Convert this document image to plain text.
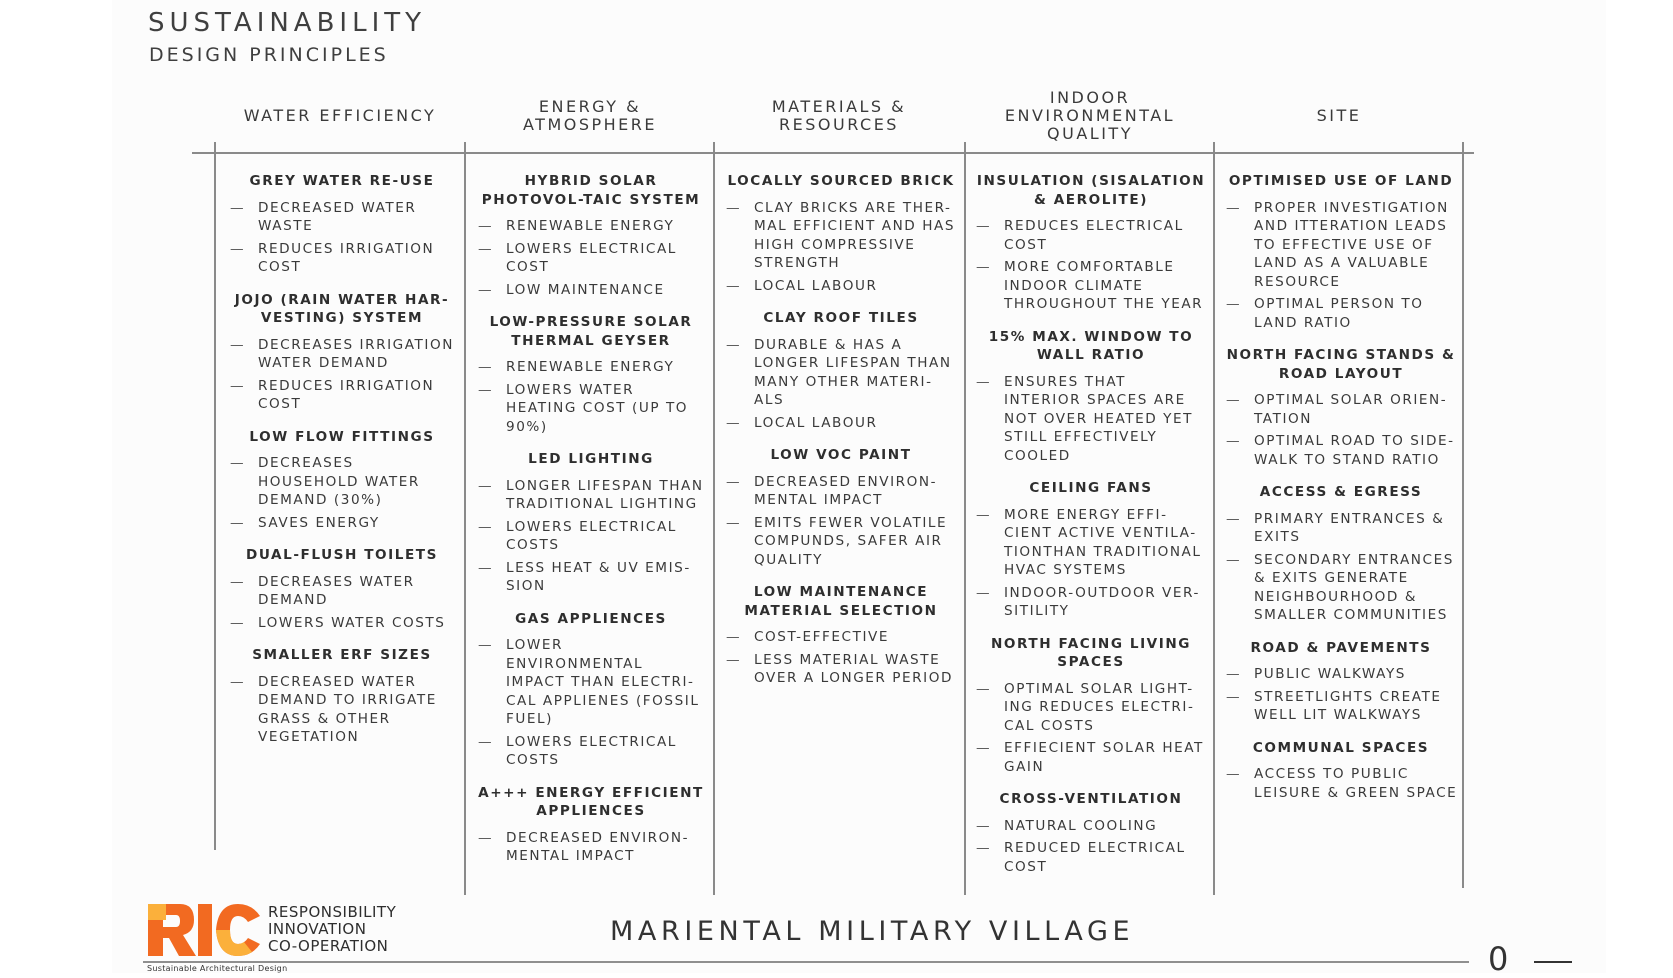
SUSTAINABILITY
DESIGN PRINCIPLES
WATER EFFICIENCY	ENERGY & ATMOSPHERE
MATERIALS & RESOURCES
INDOOR ENVIRONMENTAL QUALITY
SITE
GREY WATER RE-USE
— DECREASED WATER WASTE
— REDUCES IRRIGATION COST
JOJO (RAIN WATER HAR-VESTING) SYSTEM
— DECREASES IRRIGATION WATER DEMAND
— REDUCES IRRIGATION COST
LOW FLOW FITTINGS
— DECREASES HOUSEHOLD WATER DEMAND (30%)
— SAVES ENERGY
DUAL-FLUSH TOILETS
— DECREASES WATER DEMAND
— LOWERS WATER COSTS
SMALLER ERF SIZES
— DECREASED WATER DEMAND TO IRRIGATE GRASS & OTHER VEGETATION
HYBRID SOLAR PHOTOVOL-TAIC SYSTEM
— RENEWABLE ENERGY
— LOWERS ELECTRICAL COST
— LOW MAINTENANCE
LOW-PRESSURE SOLAR THERMAL GEYSER
— RENEWABLE ENERGY
— LOWERS WATER HEATING COST (UP TO 90%)
LED LIGHTING
— LONGER LIFESPAN THAN TRADITIONAL LIGHTING
— LOWERS ELECTRICAL COSTS
— LESS HEAT & UV EMIS-SION
GAS APPLIENCES
— LOWER ENVIRONMENTAL IMPACT THAN ELECTRI-CAL APPLIENES (FOSSIL FUEL)
— LOWERS ELECTRICAL COSTS
A+++ ENERGY EFFICIENT APPLIENCES
— DECREASED ENVIRON-MENTAL IMPACT
LOCALLY SOURCED BRICK
— CLAY BRICKS ARE THER-MAL EFFICIENT AND HAS HIGH COMPRESSIVE STRENGTH
— LOCAL LABOUR
CLAY ROOF TILES
— DURABLE & HAS A LONGER LIFESPAN THAN MANY OTHER MATERI-ALS
— LOCAL LABOUR
LOW VOC PAINT
— DECREASED ENVIRON-MENTAL IMPACT
— EMITS FEWER VOLATILE COMPUNDS, SAFER AIR QUALITY
LOW MAINTENANCE MATERIAL SELECTION
— COST-EFFECTIVE
— LESS MATERIAL WASTE OVER A LONGER PERIOD
INSULATION (SISALATION & AEROLITE)
— REDUCES ELECTRICAL COST
— MORE COMFORTABLE INDOOR CLIMATE THROUGHOUT THE YEAR
15% MAX. WINDOW TO WALL RATIO
— ENSURES THAT INTERIOR SPACES ARE NOT OVER HEATED YET STILL EFFECTIVELY COOLED
CEILING FANS
— MORE ENERGY EFFI-CIENT ACTIVE VENTILA-TIONTHAN TRADITIONAL HVAC SYSTEMS
— INDOOR-OUTDOOR VER-SITILITY
NORTH FACING LIVING SPACES
— OPTIMAL SOLAR LIGHT-ING REDUCES ELECTRI-CAL COSTS
— EFFIECIENT SOLAR HEAT GAIN
CROSS-VENTILATION
— NATURAL COOLING
— REDUCED ELECTRICAL COST
OPTIMISED USE OF LAND
— PROPER INVESTIGATION AND ITTERATION LEADS TO EFFECTIVE USE OF LAND AS A VALUABLE RESOURCE
— OPTIMAL PERSON TO LAND RATIO
NORTH FACING STANDS & ROAD LAYOUT
— OPTIMAL SOLAR ORIEN-TATION
— OPTIMAL ROAD TO SIDE-WALK TO STAND RATIO
ACCESS & EGRESS
— PRIMARY ENTRANCES & EXITS
— SECONDARY ENTRANCES & EXITS GENERATE NEIGHBOURHOOD & SMALLER COMMUNITIES
ROAD & PAVEMENTS
— PUBLIC WALKWAYS
— STREETLIGHTS CREATE WELL LIT WALKWAYS
COMMUNAL SPACES
— ACCESS TO PUBLIC LEISURE & GREEN SPACE
RESPONSIBILITY
INNOVATION
CO-OPERATION
Sustainable Architectural Design
MARIENTAL MILITARY VILLAGE
0
